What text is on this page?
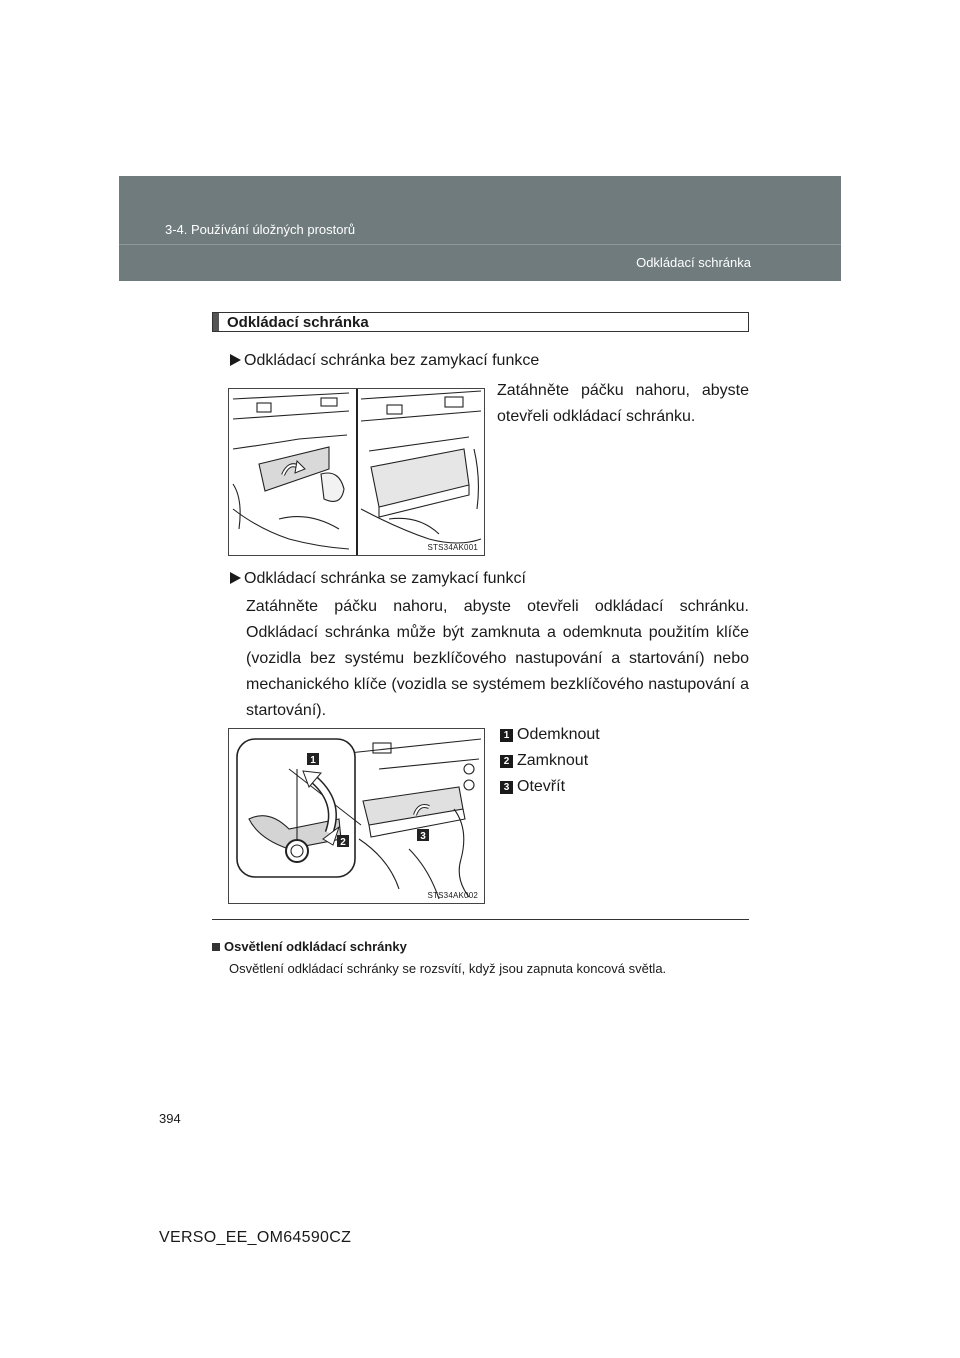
3-4. Používání úložných prostorů
Odkládací schránka
Odkládací schránka
Odkládací schránka bez zamykací funkce
Zatáhněte páčku nahoru, abyste otevřeli odkládací schránku.
STS34AK001
Odkládací schránka se zamykací funkcí
Zatáhněte páčku nahoru, abyste otevřeli odkládací schránku. Odkládací schránka může být zamknuta a odemknuta použitím klíče (vozidla bez systému bezklíčového nastupování a startování) nebo mechanického klíče (vozidla se systémem bezklíčového nastupování a startování).
1
2
3
STS34AK002
1 Odemknout
2 Zamknout
3 Otevřít
Osvětlení odkládací schránky
Osvětlení odkládací schránky se rozsvítí, když jsou zapnuta koncová světla.
394
VERSO_EE_OM64590CZ
